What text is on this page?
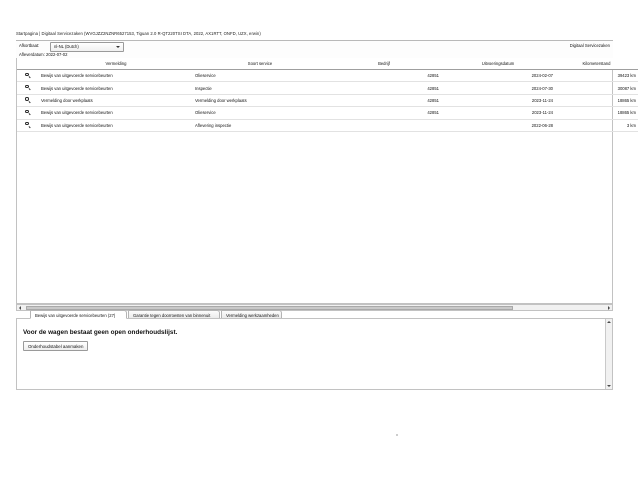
Startpagina | Digitaal Servicezaken (WVGJZZ2NZNR6527153, Tiguan 2.0 R-QT220TSI DTA, 2022, AX1RTT, ONFD, UZX, erwin)
Afkortbaat:	nl-NL (Dutch)
Afleverdatum: 2022-07-02
Digitaal Servicezaken
	Vermelding	Soort service	Bedrijf	Uitvoeringsdatum	Kilometerstand

	Bewijs van uitgevoerde servicebeurten	Olieservice	42851	2024-02-07	39423 km

	Bewijs van uitgevoerde servicebeurten	Inspectie	42851	2024-07-30	30087 km

	Vermelding door werkplaats	Vermelding door werkplaats	42851	2023-11-24	18865 km

	Bewijs van uitgevoerde servicebeurten	Olieservice	42851	2023-11-24	18865 km

	Bewijs van uitgevoerde servicebeurten	Aflevering inspectie		2022-06-28	3 km
Bewijs van uitgevoerde servicebeurten (27)	Garantie tegen doorroesten van binnenuit	Vermelding werkzaamheden
Voor de wagen bestaat geen open onderhoudslijst.
Onderhoudstabel aanmaken
